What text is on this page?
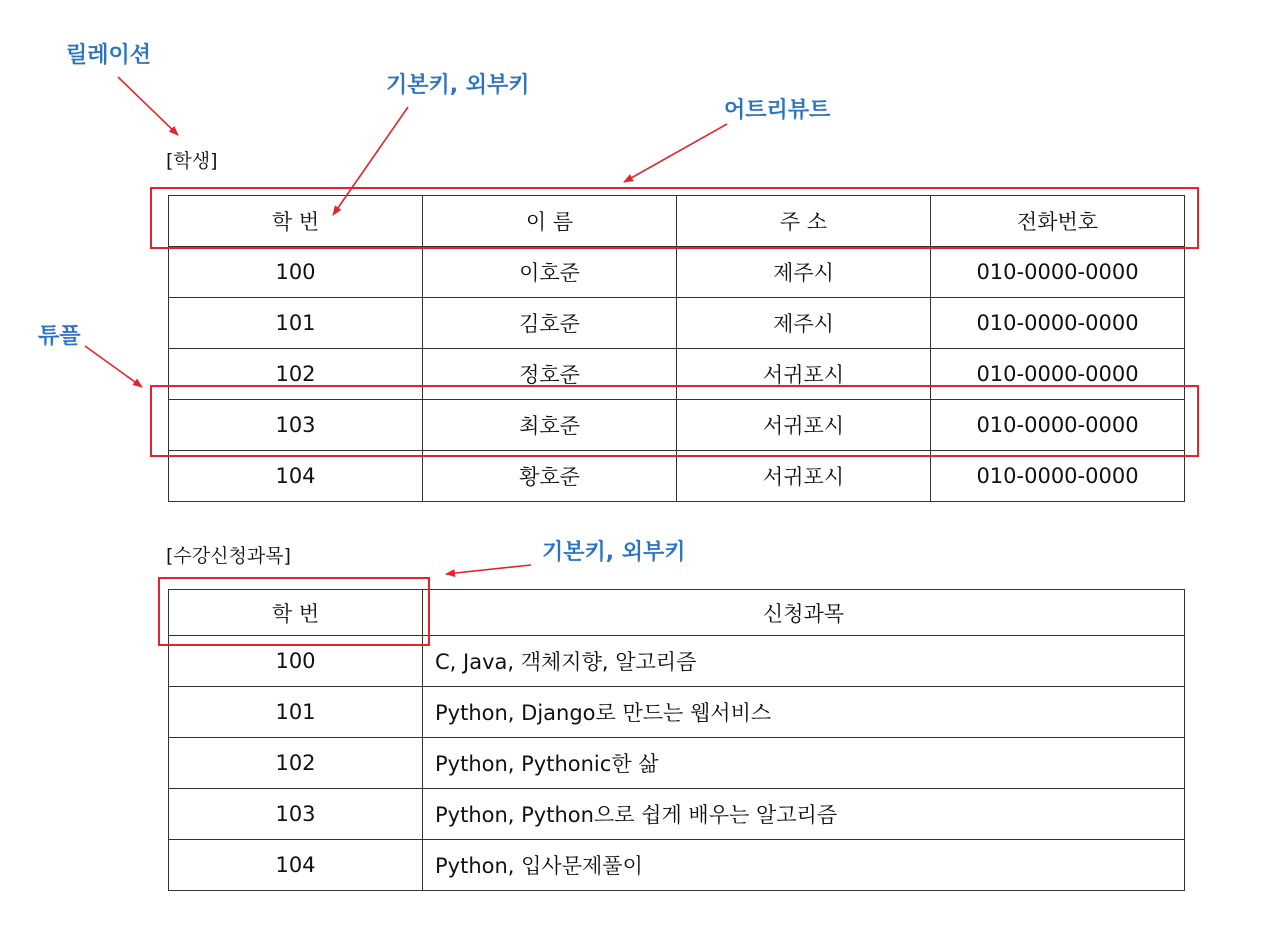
릴레이션
기본키, 외부키
어트리뷰트
튜플
기본키, 외부키
[학생]
[수강신청과목]
학 번	이 름	주 소	전화번호
100	이호준	제주시	010-0000-0000
101	김호준	제주시	010-0000-0000
102	정호준	서귀포시	010-0000-0000
103	최호준	서귀포시	010-0000-0000
104	황호준	서귀포시	010-0000-0000
학 번	신청과목
100	C, Java, 객체지향, 알고리즘
101	Python, Django로 만드는 웹서비스
102	Python, Pythonic한 삶
103	Python, Python으로 쉽게 배우는 알고리즘
104	Python, 입사문제풀이
